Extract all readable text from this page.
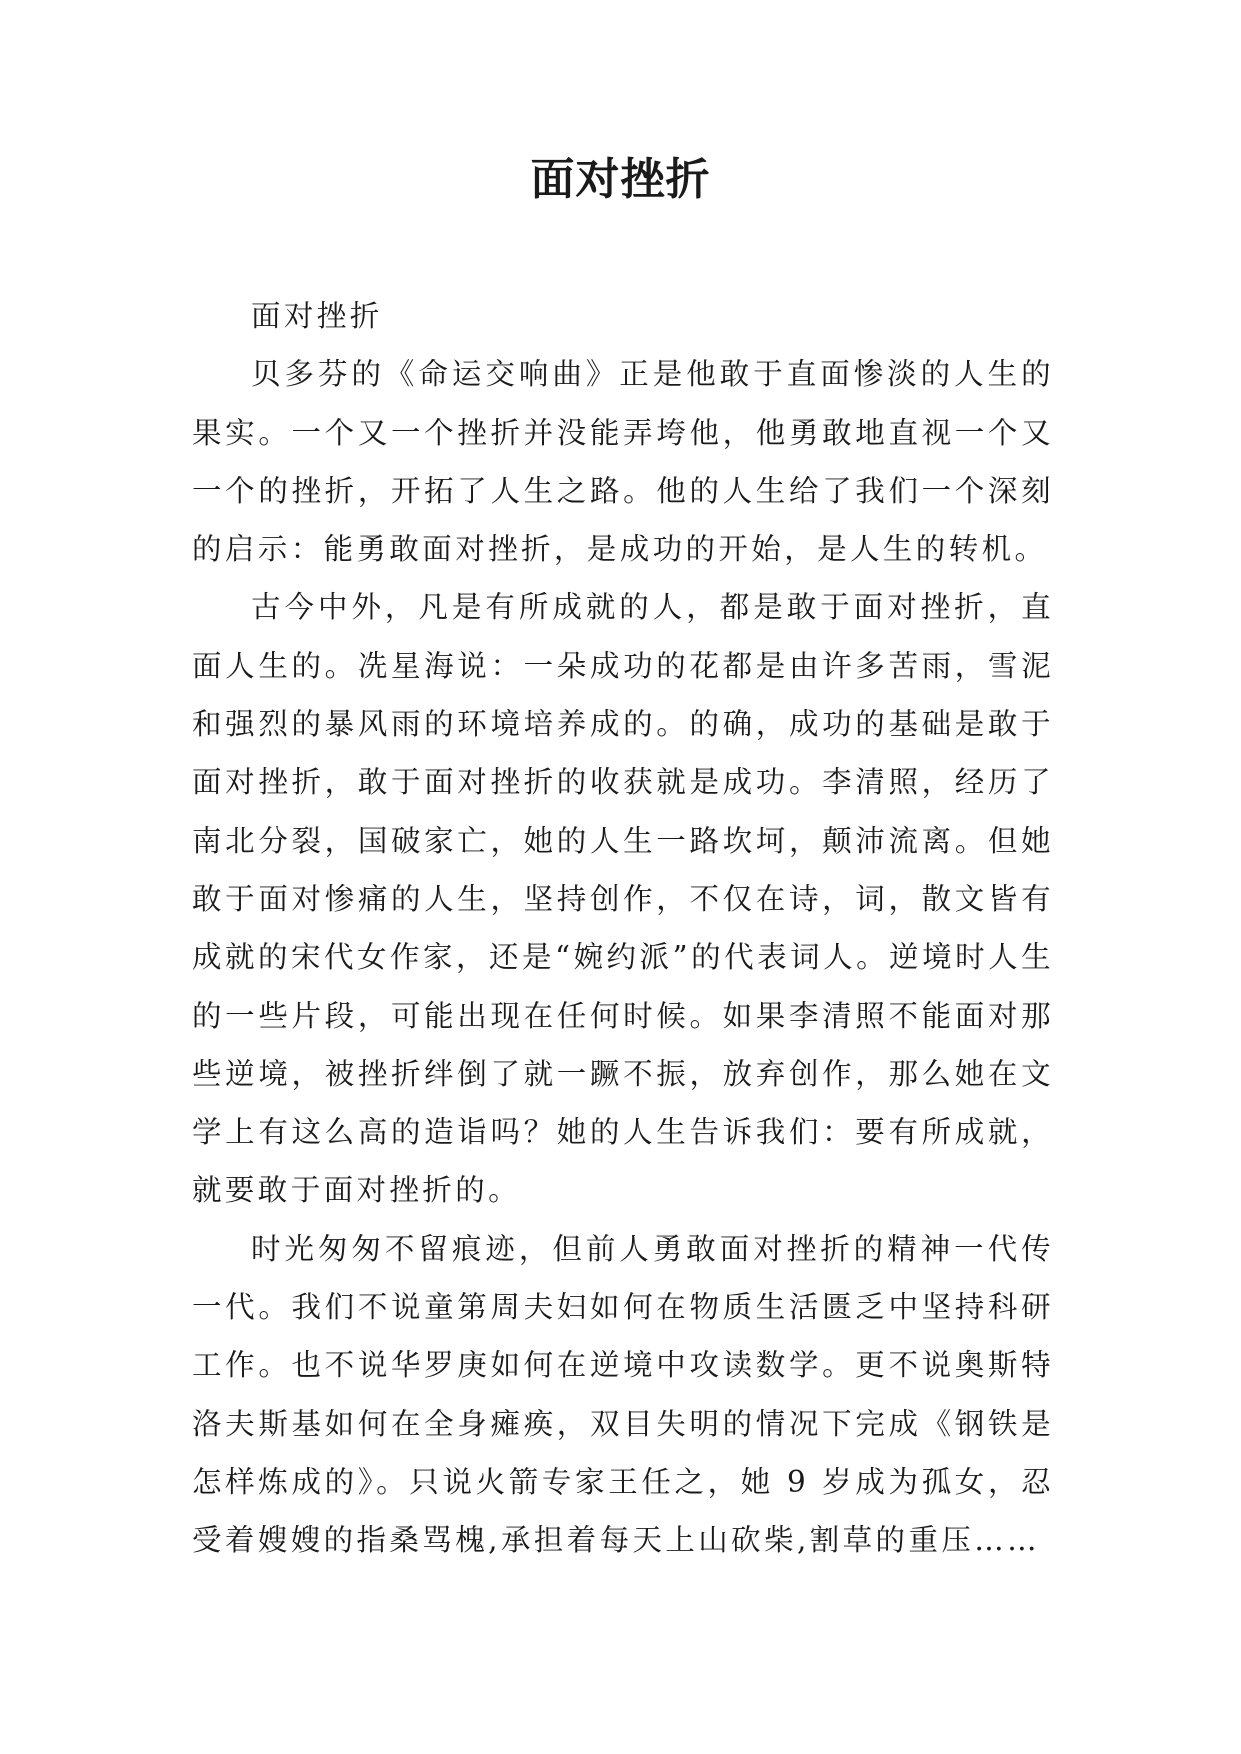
面对挫折

面对挫折

贝多芬的《命运交响曲》正是他敢于直面惨淡的人生的果实。一个又一个挫折并没能弄垮他，他勇敢地直视一个又一个的挫折，开拓了人生之路。他的人生给了我们一个深刻的启示：能勇敢面对挫折，是成功的开始，是人生的转机。

古今中外，凡是有所成就的人，都是敢于面对挫折，直面人生的。冼星海说：一朵成功的花都是由许多苦雨，雪泥和强烈的暴风雨的环境培养成的。的确，成功的基础是敢于面对挫折，敢于面对挫折的收获就是成功。李清照，经历了南北分裂，国破家亡，她的人生一路坎坷，颠沛流离。但她敢于面对惨痛的人生，坚持创作，不仅在诗，词，散文皆有成就的宋代女作家，还是“婉约派”的代表词人。逆境时人生的一些片段，可能出现在任何时候。如果李清照不能面对那些逆境，被挫折绊倒了就一蹶不振，放弃创作，那么她在文学上有这么高的造诣吗？她的人生告诉我们：要有所成就，就要敢于面对挫折的。

时光匆匆不留痕迹，但前人勇敢面对挫折的精神一代传一代。我们不说童第周夫妇如何在物质生活匮乏中坚持科研工作。也不说华罗庚如何在逆境中攻读数学。更不说奥斯特洛夫斯基如何在全身瘫痪，双目失明的情况下完成《钢铁是怎样炼成的》。只说火箭专家王任之，她 9 岁成为孤女，忍受着嫂嫂的指桑骂槐,承担着每天上山砍柴,割草的重压……
